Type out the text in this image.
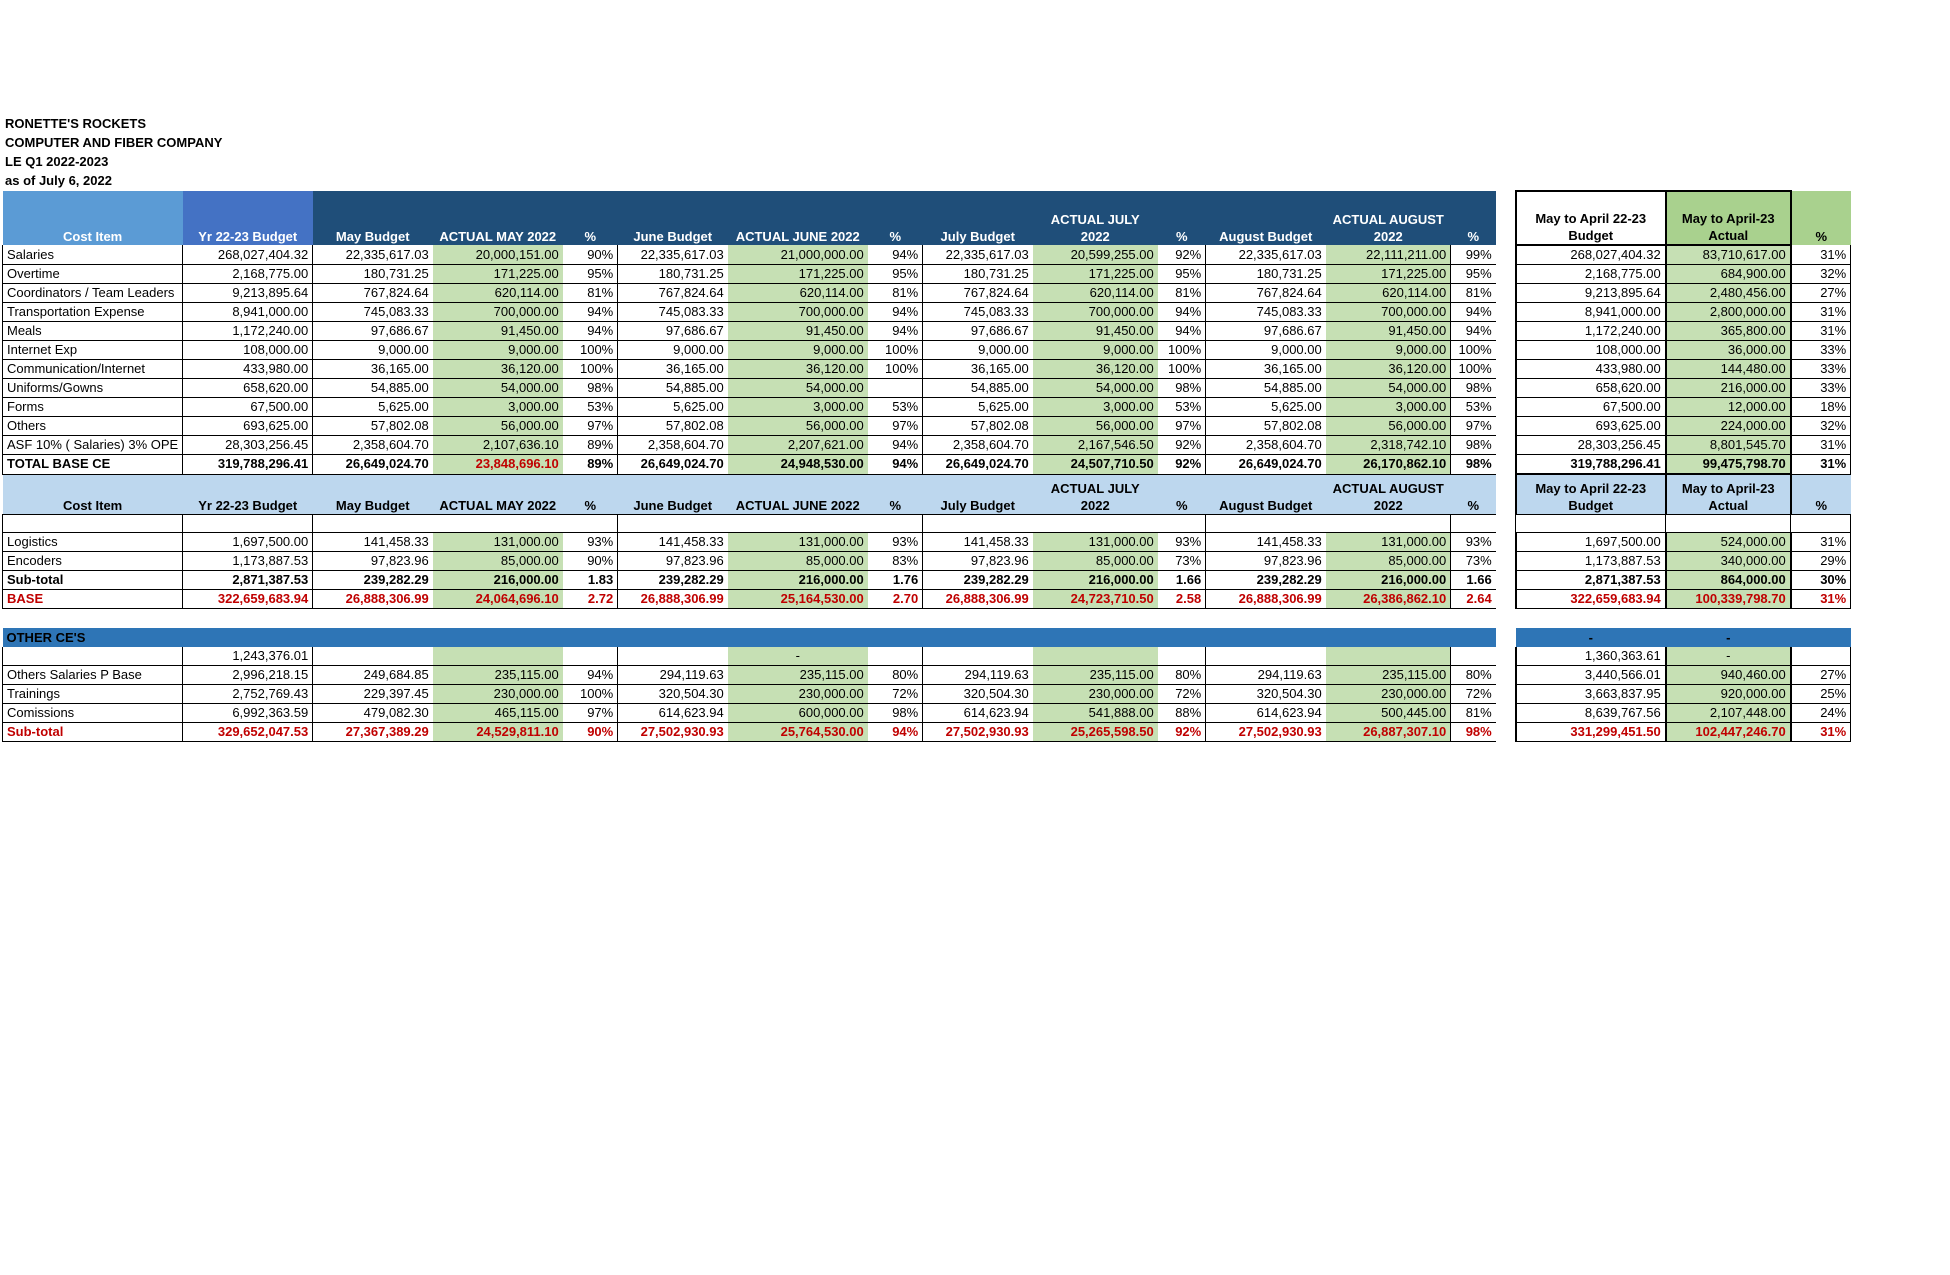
RONETTE'S ROCKETS
COMPUTER AND FIBER COMPANY
LE Q1 2022-2023
as of July 6, 2022
Cost Item	Yr 22-23 Budget	May Budget	ACTUAL MAY 2022	%	June Budget	ACTUAL JUNE 2022	%	July Budget	ACTUAL JULY 2022	%	August Budget	ACTUAL AUGUST 2022	%		May to April 22-23 Budget	May to April-23 Actual	%
Salaries	268,027,404.32	22,335,617.03	20,000,151.00	90%	22,335,617.03	21,000,000.00	94%	22,335,617.03	20,599,255.00	92%	22,335,617.03	22,111,211.00	99%		268,027,404.32	83,710,617.00	31%
Overtime	2,168,775.00	180,731.25	171,225.00	95%	180,731.25	171,225.00	95%	180,731.25	171,225.00	95%	180,731.25	171,225.00	95%		2,168,775.00	684,900.00	32%
Coordinators / Team Leaders	9,213,895.64	767,824.64	620,114.00	81%	767,824.64	620,114.00	81%	767,824.64	620,114.00	81%	767,824.64	620,114.00	81%		9,213,895.64	2,480,456.00	27%
Transportation Expense	8,941,000.00	745,083.33	700,000.00	94%	745,083.33	700,000.00	94%	745,083.33	700,000.00	94%	745,083.33	700,000.00	94%		8,941,000.00	2,800,000.00	31%
Meals	1,172,240.00	97,686.67	91,450.00	94%	97,686.67	91,450.00	94%	97,686.67	91,450.00	94%	97,686.67	91,450.00	94%		1,172,240.00	365,800.00	31%
Internet Exp	108,000.00	9,000.00	9,000.00	100%	9,000.00	9,000.00	100%	9,000.00	9,000.00	100%	9,000.00	9,000.00	100%		108,000.00	36,000.00	33%
Communication/Internet	433,980.00	36,165.00	36,120.00	100%	36,165.00	36,120.00	100%	36,165.00	36,120.00	100%	36,165.00	36,120.00	100%		433,980.00	144,480.00	33%
Uniforms/Gowns	658,620.00	54,885.00	54,000.00	98%	54,885.00	54,000.00		54,885.00	54,000.00	98%	54,885.00	54,000.00	98%		658,620.00	216,000.00	33%
Forms	67,500.00	5,625.00	3,000.00	53%	5,625.00	3,000.00	53%	5,625.00	3,000.00	53%	5,625.00	3,000.00	53%		67,500.00	12,000.00	18%
Others	693,625.00	57,802.08	56,000.00	97%	57,802.08	56,000.00	97%	57,802.08	56,000.00	97%	57,802.08	56,000.00	97%		693,625.00	224,000.00	32%
ASF 10% ( Salaries) 3% OPE	28,303,256.45	2,358,604.70	2,107,636.10	89%	2,358,604.70	2,207,621.00	94%	2,358,604.70	2,167,546.50	92%	2,358,604.70	2,318,742.10	98%		28,303,256.45	8,801,545.70	31%
TOTAL BASE CE	319,788,296.41	26,649,024.70	23,848,696.10	89%	26,649,024.70	24,948,530.00	94%	26,649,024.70	24,507,710.50	92%	26,649,024.70	26,170,862.10	98%		319,788,296.41	99,475,798.70	31%
Cost Item	Yr 22-23 Budget	May Budget	ACTUAL MAY 2022	%	June Budget	ACTUAL JUNE 2022	%	July Budget	ACTUAL JULY 2022	%	August Budget	ACTUAL AUGUST 2022	%		May to April 22-23 Budget	May to April-23 Actual	%

Logistics	1,697,500.00	141,458.33	131,000.00	93%	141,458.33	131,000.00	93%	141,458.33	131,000.00	93%	141,458.33	131,000.00	93%		1,697,500.00	524,000.00	31%
Encoders	1,173,887.53	97,823.96	85,000.00	90%	97,823.96	85,000.00	83%	97,823.96	85,000.00	73%	97,823.96	85,000.00	73%		1,173,887.53	340,000.00	29%
Sub-total	2,871,387.53	239,282.29	216,000.00	1.83	239,282.29	216,000.00	1.76	239,282.29	216,000.00	1.66	239,282.29	216,000.00	1.66		2,871,387.53	864,000.00	30%
BASE	322,659,683.94	26,888,306.99	24,064,696.10	2.72	26,888,306.99	25,164,530.00	2.70	26,888,306.99	24,723,710.50	2.58	26,888,306.99	26,386,862.10	2.64		322,659,683.94	100,339,798.70	31%

OTHER CE'S															-	-	
	1,243,376.01					-									1,360,363.61	-	
Others Salaries P Base	2,996,218.15	249,684.85	235,115.00	94%	294,119.63	235,115.00	80%	294,119.63	235,115.00	80%	294,119.63	235,115.00	80%		3,440,566.01	940,460.00	27%
Trainings	2,752,769.43	229,397.45	230,000.00	100%	320,504.30	230,000.00	72%	320,504.30	230,000.00	72%	320,504.30	230,000.00	72%		3,663,837.95	920,000.00	25%
Comissions	6,992,363.59	479,082.30	465,115.00	97%	614,623.94	600,000.00	98%	614,623.94	541,888.00	88%	614,623.94	500,445.00	81%		8,639,767.56	2,107,448.00	24%
Sub-total	329,652,047.53	27,367,389.29	24,529,811.10	90%	27,502,930.93	25,764,530.00	94%	27,502,930.93	25,265,598.50	92%	27,502,930.93	26,887,307.10	98%		331,299,451.50	102,447,246.70	31%
